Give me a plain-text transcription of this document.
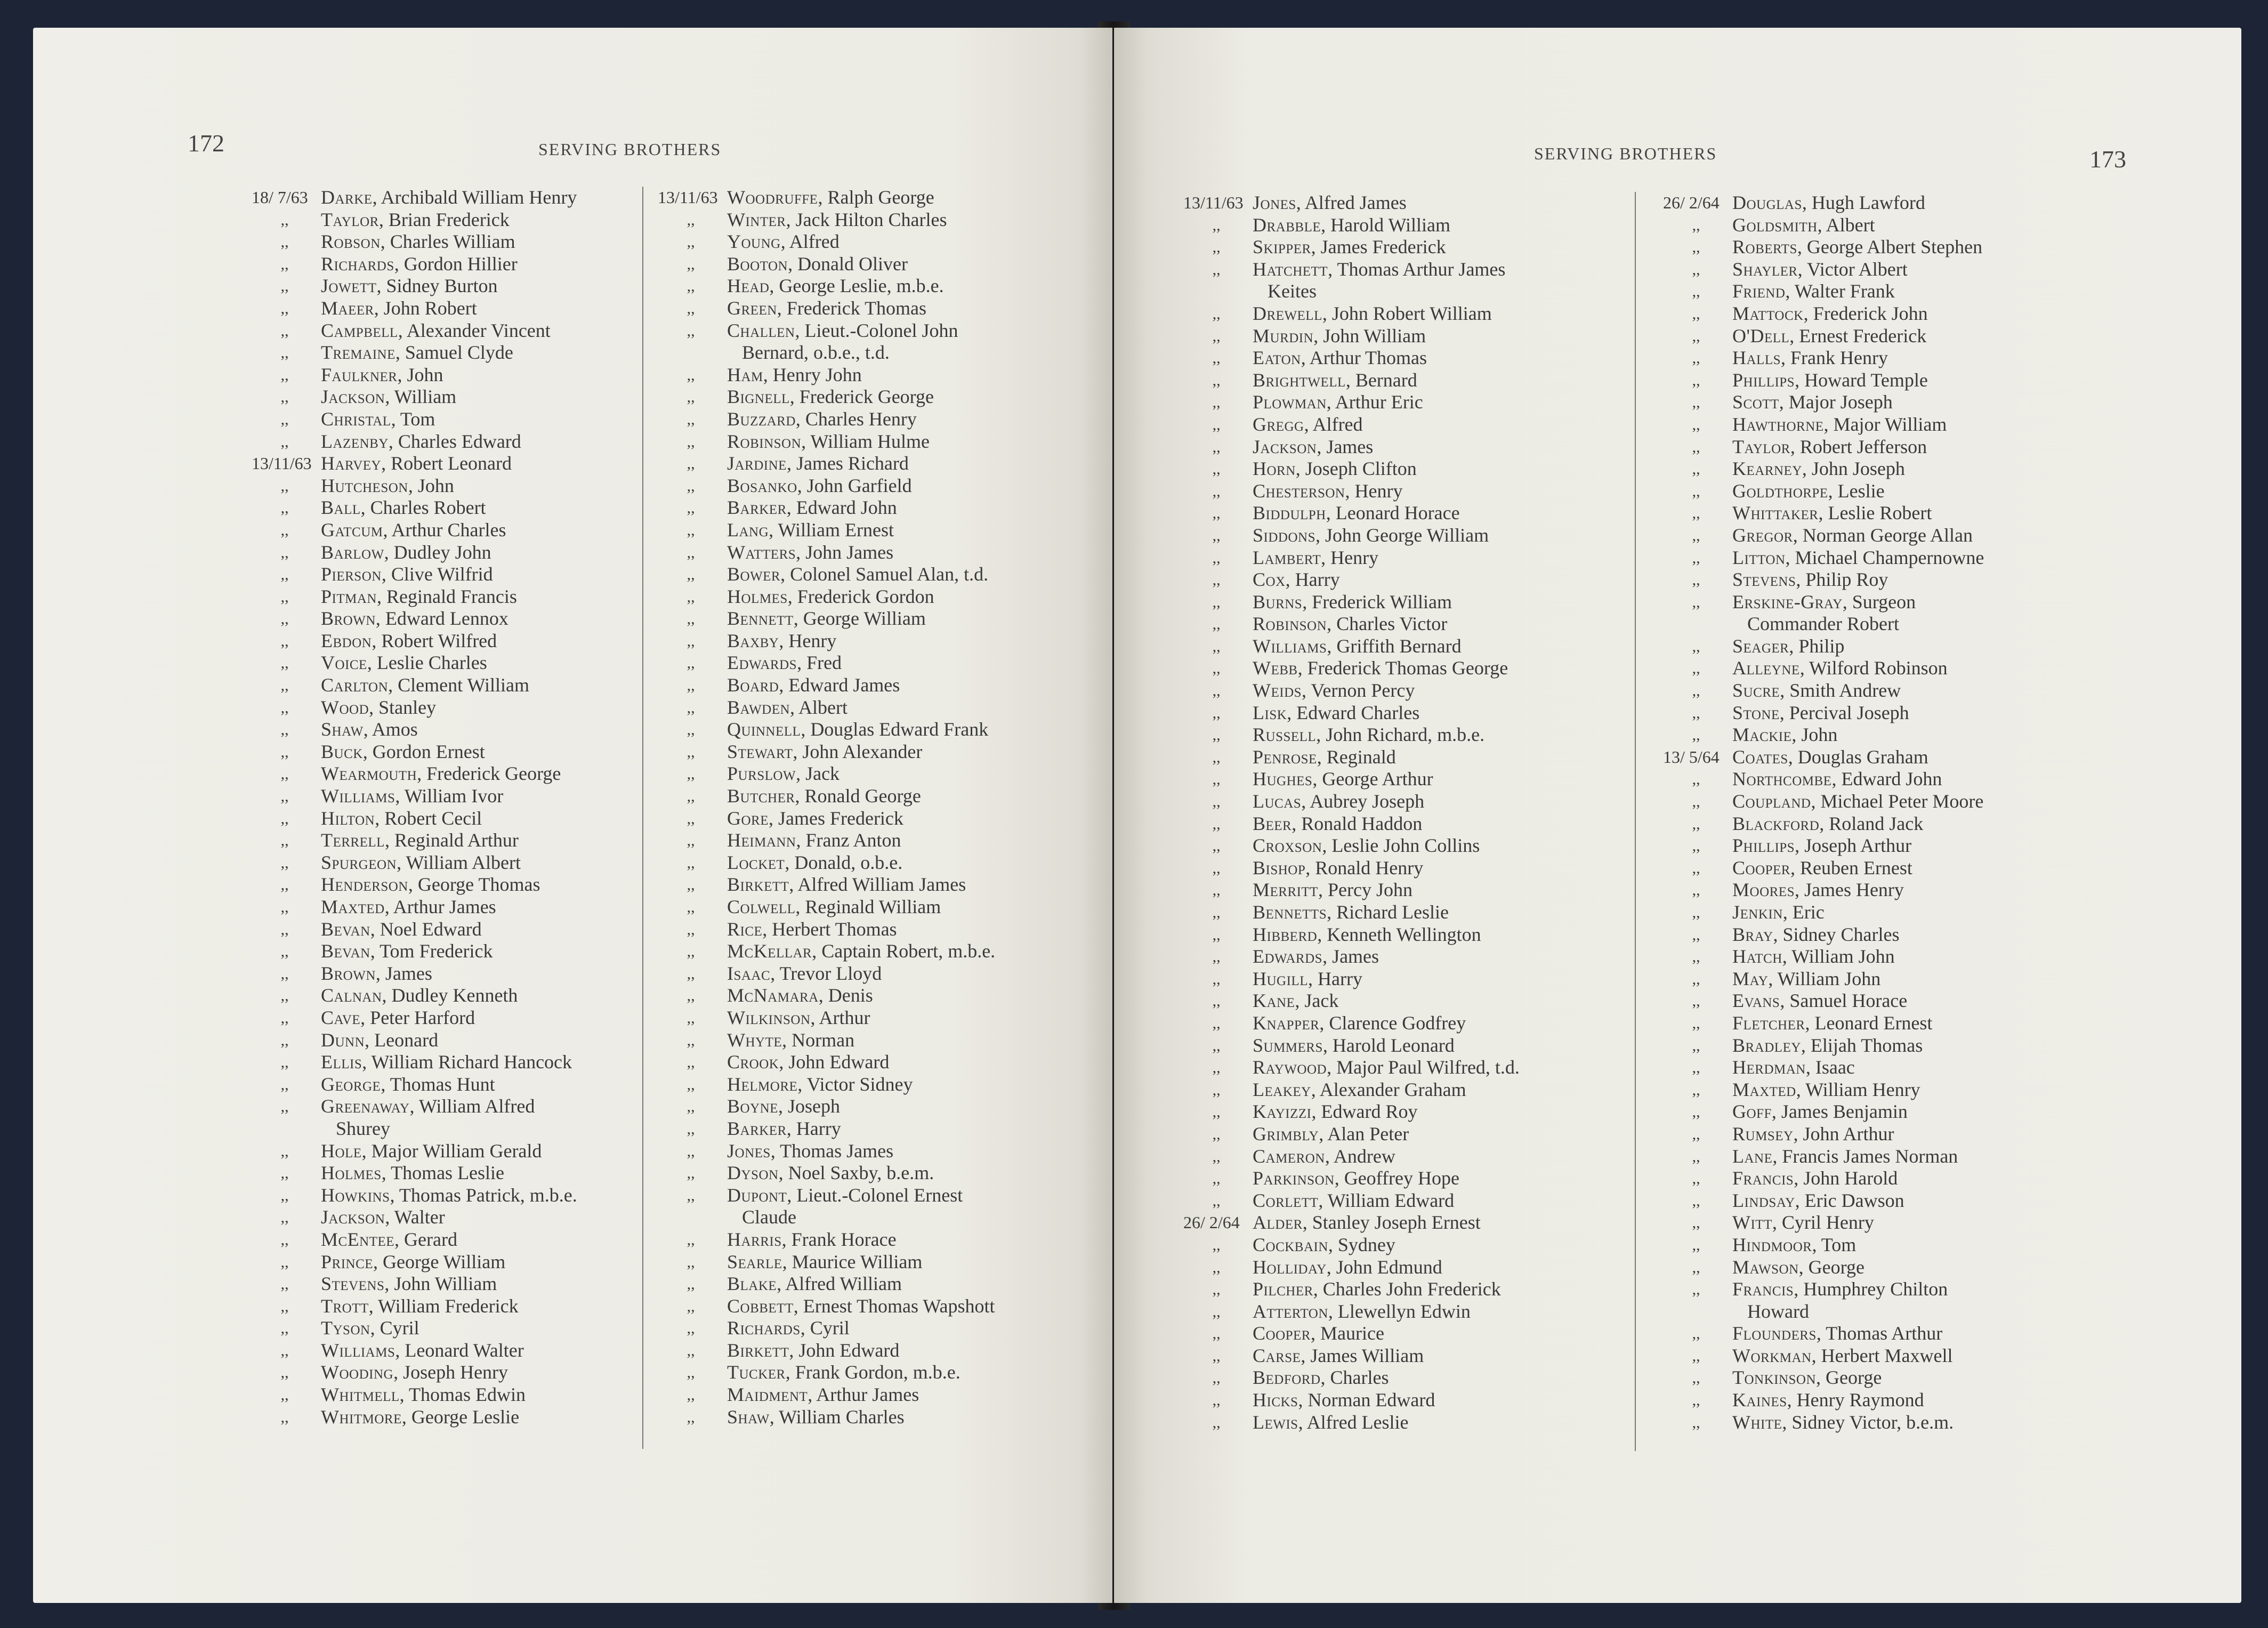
172	SERVING BROTHERS
18/ 7/63 Darke, Archibald William Henry
,, Taylor, Brian Frederick
,, Robson, Charles William
,, Richards, Gordon Hillier
,, Jowett, Sidney Burton
,, Maeer, John Robert
,, Campbell, Alexander Vincent
,, Tremaine, Samuel Clyde
,, Faulkner, John
,, Jackson, William
,, Christal, Tom
,, Lazenby, Charles Edward
13/11/63 Harvey, Robert Leonard
,, Hutcheson, John
,, Ball, Charles Robert
,, Gatcum, Arthur Charles
,, Barlow, Dudley John
,, Pierson, Clive Wilfrid
,, Pitman, Reginald Francis
,, Brown, Edward Lennox
,, Ebdon, Robert Wilfred
,, Voice, Leslie Charles
,, Carlton, Clement William
,, Wood, Stanley
,, Shaw, Amos
,, Buck, Gordon Ernest
,, Wearmouth, Frederick George
,, Williams, William Ivor
,, Hilton, Robert Cecil
,, Terrell, Reginald Arthur
,, Spurgeon, William Albert
,, Henderson, George Thomas
,, Maxted, Arthur James
,, Bevan, Noel Edward
,, Bevan, Tom Frederick
,, Brown, James
,, Calnan, Dudley Kenneth
,, Cave, Peter Harford
,, Dunn, Leonard
,, Ellis, William Richard Hancock
,, George, Thomas Hunt
,, Greenaway, William Alfred
Shurey
,, Hole, Major William Gerald
,, Holmes, Thomas Leslie
,, Howkins, Thomas Patrick, m.b.e.
,, Jackson, Walter
,, McEntee, Gerard
,, Prince, George William
,, Stevens, John William
,, Trott, William Frederick
,, Tyson, Cyril
,, Williams, Leonard Walter
,, Wooding, Joseph Henry
,, Whitmell, Thomas Edwin
,, Whitmore, George Leslie
13/11/63 Woodruffe, Ralph George
,, Winter, Jack Hilton Charles
,, Young, Alfred
,, Booton, Donald Oliver
,, Head, George Leslie, m.b.e.
,, Green, Frederick Thomas
,, Challen, Lieut.-Colonel John
Bernard, o.b.e., t.d.
,, Ham, Henry John
,, Bignell, Frederick George
,, Buzzard, Charles Henry
,, Robinson, William Hulme
,, Jardine, James Richard
,, Bosanko, John Garfield
,, Barker, Edward John
,, Lang, William Ernest
,, Watters, John James
,, Bower, Colonel Samuel Alan, t.d.
,, Holmes, Frederick Gordon
,, Bennett, George William
,, Baxby, Henry
,, Edwards, Fred
,, Board, Edward James
,, Bawden, Albert
,, Quinnell, Douglas Edward Frank
,, Stewart, John Alexander
,, Purslow, Jack
,, Butcher, Ronald George
,, Gore, James Frederick
,, Heimann, Franz Anton
,, Locket, Donald, o.b.e.
,, Birkett, Alfred William James
,, Colwell, Reginald William
,, Rice, Herbert Thomas
,, McKellar, Captain Robert, m.b.e.
,, Isaac, Trevor Lloyd
,, McNamara, Denis
,, Wilkinson, Arthur
,, Whyte, Norman
,, Crook, John Edward
,, Helmore, Victor Sidney
,, Boyne, Joseph
,, Barker, Harry
,, Jones, Thomas James
,, Dyson, Noel Saxby, b.e.m.
,, Dupont, Lieut.-Colonel Ernest
Claude
,, Harris, Frank Horace
,, Searle, Maurice William
,, Blake, Alfred William
,, Cobbett, Ernest Thomas Wapshott
,, Richards, Cyril
,, Birkett, John Edward
,, Tucker, Frank Gordon, m.b.e.
,, Maidment, Arthur James
,, Shaw, William Charles
173
SERVING BROTHERS
13/11/63 Jones, Alfred James
,, Drabble, Harold William
,, Skipper, James Frederick
,, Hatchett, Thomas Arthur James
Keites
,, Drewell, John Robert William
,, Murdin, John William
,, Eaton, Arthur Thomas
,, Brightwell, Bernard
,, Plowman, Arthur Eric
,, Gregg, Alfred
,, Jackson, James
,, Horn, Joseph Clifton
,, Chesterson, Henry
,, Biddulph, Leonard Horace
,, Siddons, John George William
,, Lambert, Henry
,, Cox, Harry
,, Burns, Frederick William
,, Robinson, Charles Victor
,, Williams, Griffith Bernard
,, Webb, Frederick Thomas George
,, Weids, Vernon Percy
,, Lisk, Edward Charles
,, Russell, John Richard, m.b.e.
,, Penrose, Reginald
,, Hughes, George Arthur
,, Lucas, Aubrey Joseph
,, Beer, Ronald Haddon
,, Croxson, Leslie John Collins
,, Bishop, Ronald Henry
,, Merritt, Percy John
,, Bennetts, Richard Leslie
,, Hibberd, Kenneth Wellington
,, Edwards, James
,, Hugill, Harry
,, Kane, Jack
,, Knapper, Clarence Godfrey
,, Summers, Harold Leonard
,, Raywood, Major Paul Wilfred, t.d.
,, Leakey, Alexander Graham
,, Kayizzi, Edward Roy
,, Grimbly, Alan Peter
,, Cameron, Andrew
,, Parkinson, Geoffrey Hope
,, Corlett, William Edward
26/ 2/64 Alder, Stanley Joseph Ernest
,, Cockbain, Sydney
,, Holliday, John Edmund
,, Pilcher, Charles John Frederick
,, Atterton, Llewellyn Edwin
,, Cooper, Maurice
,, Carse, James William
,, Bedford, Charles
,, Hicks, Norman Edward
,, Lewis, Alfred Leslie
26/ 2/64 Douglas, Hugh Lawford
,, Goldsmith, Albert
,, Roberts, George Albert Stephen
,, Shayler, Victor Albert
,, Friend, Walter Frank
,, Mattock, Frederick John
,, O'Dell, Ernest Frederick
,, Halls, Frank Henry
,, Phillips, Howard Temple
,, Scott, Major Joseph
,, Hawthorne, Major William
,, Taylor, Robert Jefferson
,, Kearney, John Joseph
,, Goldthorpe, Leslie
,, Whittaker, Leslie Robert
,, Gregor, Norman George Allan
,, Litton, Michael Champernowne
,, Stevens, Philip Roy
,, Erskine-Gray, Surgeon
Commander Robert
,, Seager, Philip
,, Alleyne, Wilford Robinson
,, Sucre, Smith Andrew
,, Stone, Percival Joseph
,, Mackie, John
13/ 5/64 Coates, Douglas Graham
,, Northcombe, Edward John
,, Coupland, Michael Peter Moore
,, Blackford, Roland Jack
,, Phillips, Joseph Arthur
,, Cooper, Reuben Ernest
,, Moores, James Henry
,, Jenkin, Eric
,, Bray, Sidney Charles
,, Hatch, William John
,, May, William John
,, Evans, Samuel Horace
,, Fletcher, Leonard Ernest
,, Bradley, Elijah Thomas
,, Herdman, Isaac
,, Maxted, William Henry
,, Goff, James Benjamin
,, Rumsey, John Arthur
,, Lane, Francis James Norman
,, Francis, John Harold
,, Lindsay, Eric Dawson
,, Witt, Cyril Henry
,, Hindmoor, Tom
,, Mawson, George
,, Francis, Humphrey Chilton
Howard
,, Flounders, Thomas Arthur
,, Workman, Herbert Maxwell
,, Tonkinson, George
,, Kaines, Henry Raymond
,, White, Sidney Victor, b.e.m.
